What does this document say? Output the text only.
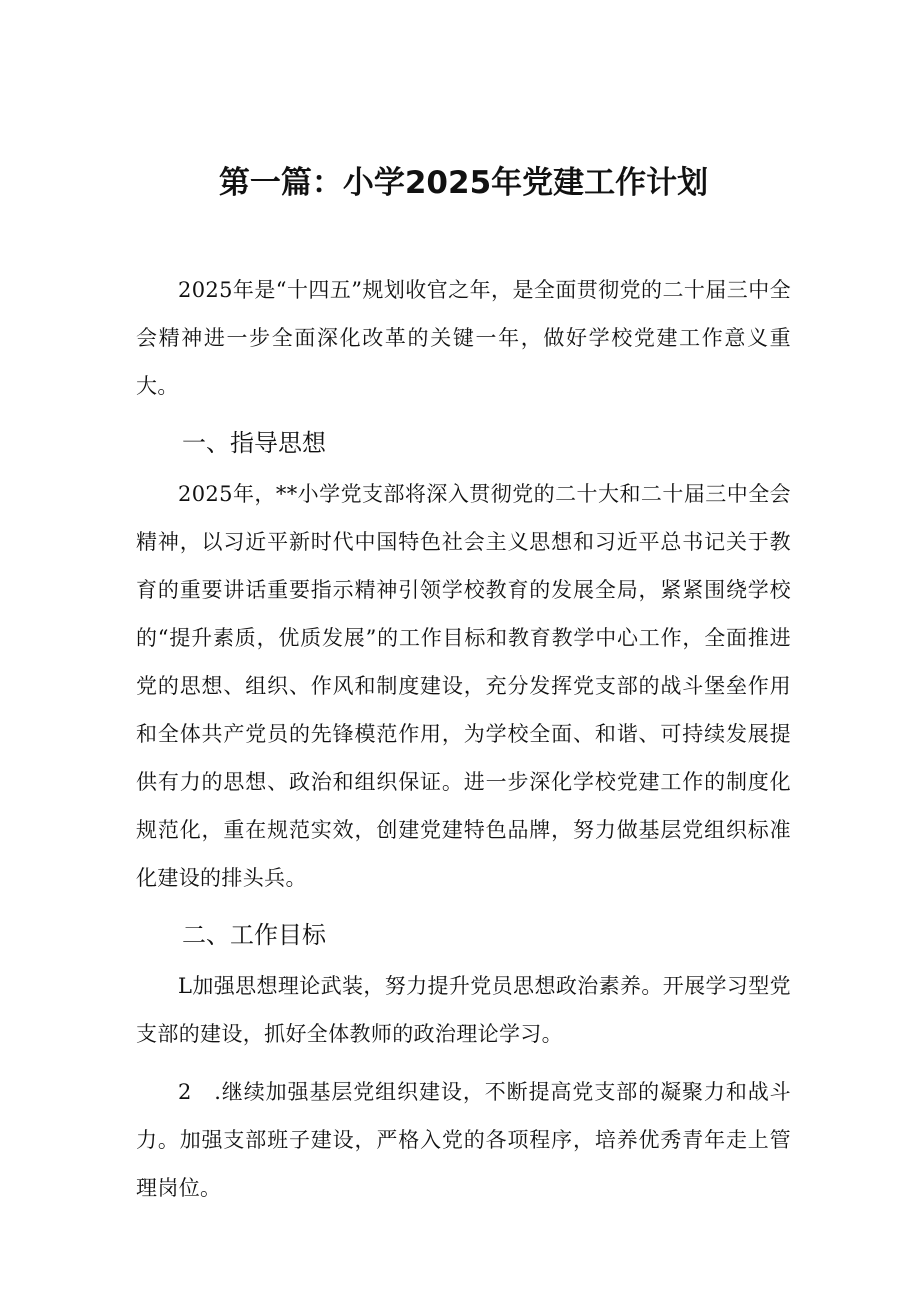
第一篇：小学2025年党建工作计划

2025年是“十四五”规划收官之年，是全面贯彻党的二十届三中全会精神进一步全面深化改革的关键一年，做好学校党建工作意义重大。

一、指导思想

2025年，**小学党支部将深入贯彻党的二十大和二十届三中全会精神，以习近平新时代中国特色社会主义思想和习近平总书记关于教育的重要讲话重要指示精神引领学校教育的发展全局，紧紧围绕学校的“提升素质，优质发展”的工作目标和教育教学中心工作，全面推进党的思想、组织、作风和制度建设，充分发挥党支部的战斗堡垒作用和全体共产党员的先锋模范作用，为学校全面、和谐、可持续发展提供有力的思想、政治和组织保证。进一步深化学校党建工作的制度化规范化，重在规范实效，创建党建特色品牌，努力做基层党组织标准化建设的排头兵。

二、工作目标

L加强思想理论武装，努力提升党员思想政治素养。开展学习型党支部的建设，抓好全体教师的政治理论学习。

2　.继续加强基层党组织建设，不断提高党支部的凝聚力和战斗力。加强支部班子建设，严格入党的各项程序，培养优秀青年走上管理岗位。
